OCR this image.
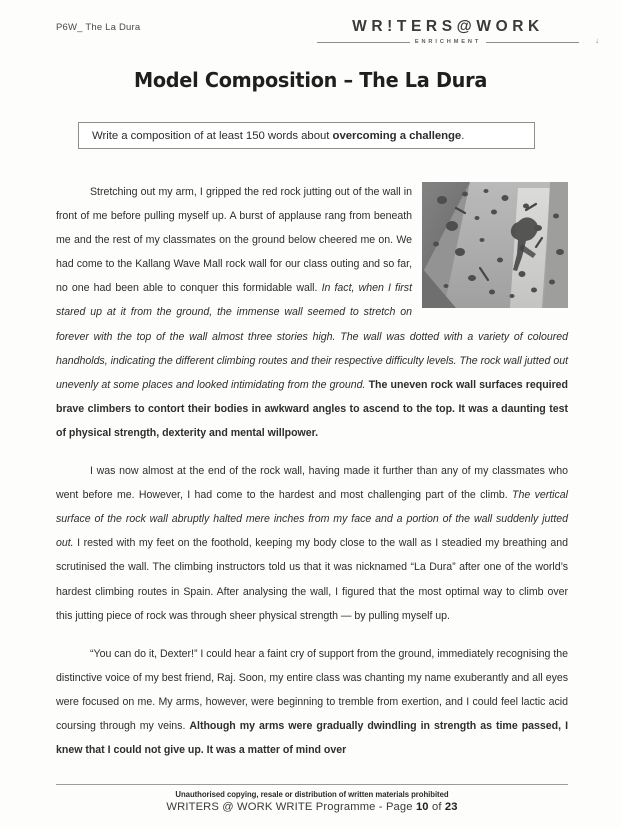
P6W_ The La Dura	WR!TERS@WORK
ENRICHMENT	↓
Model Composition – The La Dura
Write a composition of at least 150 words about overcoming a challenge.

Stretching out my arm, I gripped the red rock jutting out of the wall in front of me before pulling myself up. A burst of applause rang from beneath me and the rest of my classmates on the ground below cheered me on. We had come to the Kallang Wave Mall rock wall for our class outing and so far, no one had been able to conquer this formidable wall. In fact, when I first stared up at it from the ground, the immense wall seemed to stretch on forever with the top of the wall almost three stories high. The wall was dotted with a variety of coloured handholds, indicating the different climbing routes and their respective difficulty levels. The rock wall jutted out unevenly at some places and looked intimidating from the ground. The uneven rock wall surfaces required brave climbers to contort their bodies in awkward angles to ascend to the top. It was a daunting test of physical strength, dexterity and mental willpower.

I was now almost at the end of the rock wall, having made it further than any of my classmates who went before me. However, I had come to the hardest and most challenging part of the climb. The vertical surface of the rock wall abruptly halted mere inches from my face and a portion of the wall suddenly jutted out. I rested with my feet on the foothold, keeping my body close to the wall as I steadied my breathing and scrutinised the wall. The climbing instructors told us that it was nicknamed “La Dura” after one of the world’s hardest climbing routes in Spain. After analysing the wall, I figured that the most optimal way to climb over this jutting piece of rock was through sheer physical strength — by pulling myself up.

“You can do it, Dexter!” I could hear a faint cry of support from the ground, immediately recognising the distinctive voice of my best friend, Raj. Soon, my entire class was chanting my name exuberantly and all eyes were focused on me. My arms, however, were beginning to tremble from exertion, and I could feel lactic acid coursing through my veins. Although my arms were gradually dwindling in strength as time passed, I knew that I could not give up. It was a matter of mind over

Unauthorised copying, resale or distribution of written materials prohibited
WRITERS @ WORK WRITE Programme - Page 10 of 23
